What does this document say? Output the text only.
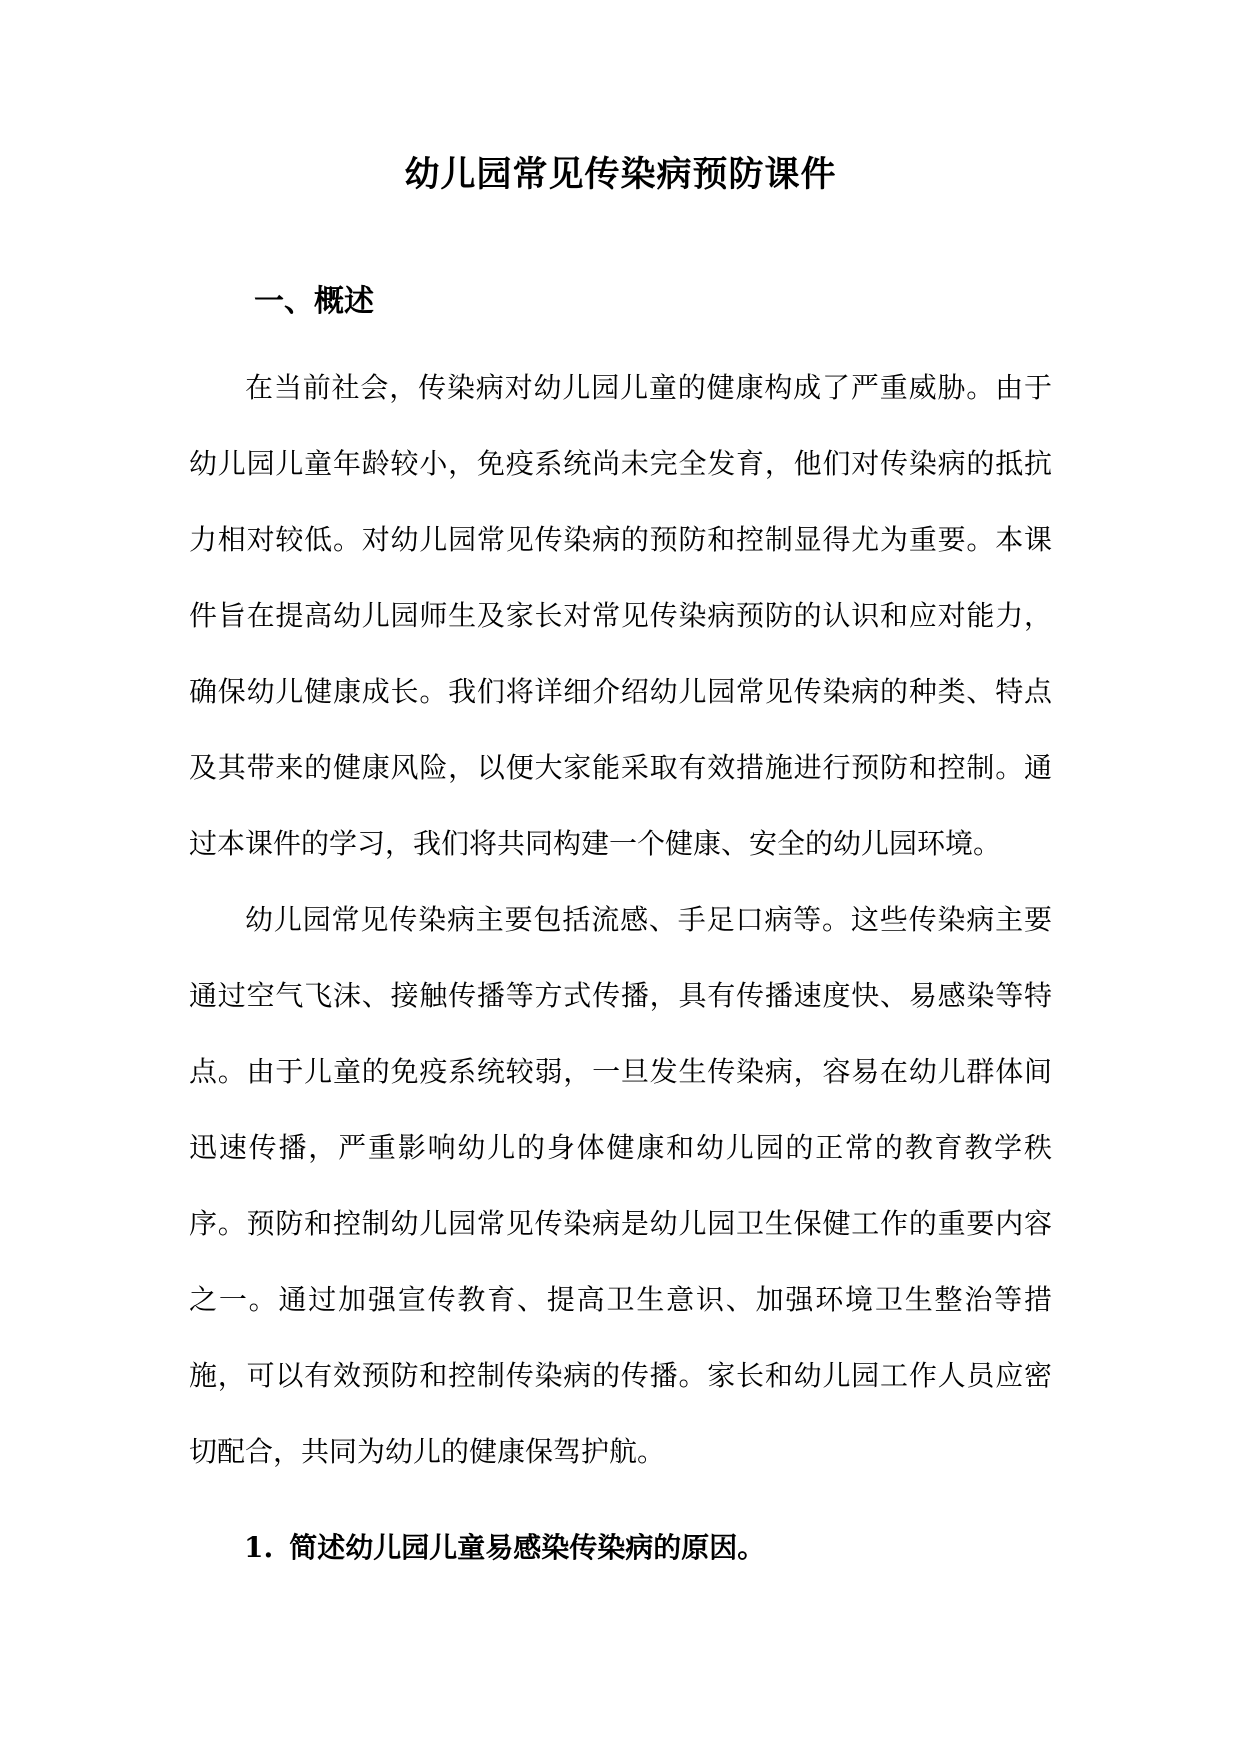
幼儿园常见传染病预防课件
一、概述

在当前社会，传染病对幼儿园儿童的健康构成了严重威胁。由于幼儿园儿童年龄较小，免疫系统尚未完全发育，他们对传染病的抵抗力相对较低。对幼儿园常见传染病的预防和控制显得尤为重要。本课件旨在提高幼儿园师生及家长对常见传染病预防的认识和应对能力，确保幼儿健康成长。我们将详细介绍幼儿园常见传染病的种类、特点及其带来的健康风险，以便大家能采取有效措施进行预防和控制。通过本课件的学习，我们将共同构建一个健康、安全的幼儿园环境。

幼儿园常见传染病主要包括流感、手足口病等。这些传染病主要通过空气飞沫、接触传播等方式传播，具有传播速度快、易感染等特点。由于儿童的免疫系统较弱，一旦发生传染病，容易在幼儿群体间迅速传播，严重影响幼儿的身体健康和幼儿园的正常的教育教学秩序。预防和控制幼儿园常见传染病是幼儿园卫生保健工作的重要内容之一。通过加强宣传教育、提高卫生意识、加强环境卫生整治等措施，可以有效预防和控制传染病的传播。家长和幼儿园工作人员应密切配合，共同为幼儿的健康保驾护航。

1. 简述幼儿园儿童易感染传染病的原因。
